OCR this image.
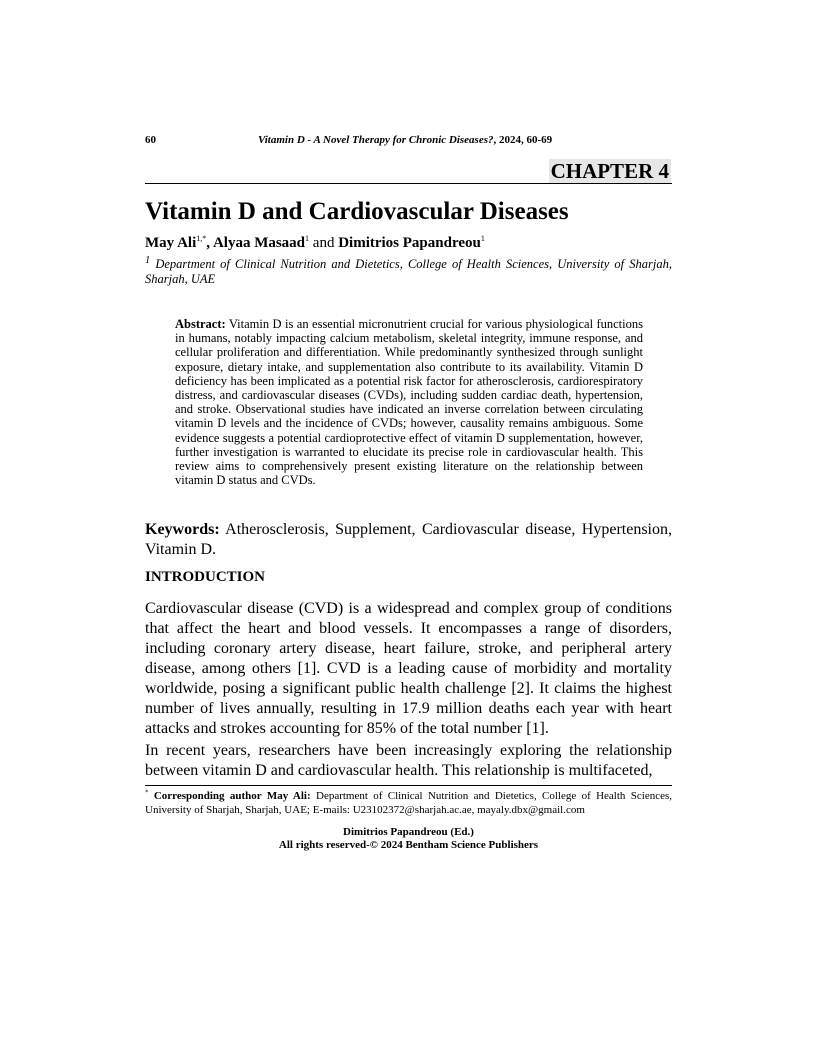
60	Vitamin D - A Novel Therapy for Chronic Diseases?, 2024, 60-69
CHAPTER 4
Vitamin D and Cardiovascular Diseases
May Ali$^{1,*}$, Alyaa Masaad$^1$ and Dimitrios Papandreou$^1$
$^1$ Department of Clinical Nutrition and Dietetics, College of Health Sciences, University of Sharjah, Sharjah, UAE
Abstract: Vitamin D is an essential micronutrient crucial for various physiological functions in humans, notably impacting calcium metabolism, skeletal integrity, immune response, and cellular proliferation and differentiation. While predominantly synthesized through sunlight exposure, dietary intake, and supplementation also contribute to its availability. Vitamin D deficiency has been implicated as a potential risk factor for atherosclerosis, cardiorespiratory distress, and cardiovascular diseases (CVDs), including sudden cardiac death, hypertension, and stroke. Observational studies have indicated an inverse correlation between circulating vitamin D levels and the incidence of CVDs; however, causality remains ambiguous. Some evidence suggests a potential cardioprotective effect of vitamin D supplementation, however, further investigation is warranted to elucidate its precise role in cardiovascular health. This review aims to comprehensively present existing literature on the relationship between vitamin D status and CVDs.
Keywords: Atherosclerosis, Supplement, Cardiovascular disease, Hypertension, Vitamin D.
INTRODUCTION

Cardiovascular disease (CVD) is a widespread and complex group of conditions that affect the heart and blood vessels. It encompasses a range of disorders, including coronary artery disease, heart failure, stroke, and peripheral artery disease, among others [1]. CVD is a leading cause of morbidity and mortality worldwide, posing a significant public health challenge [2]. It claims the highest number of lives annually, resulting in 17.9 million deaths each year with heart attacks and strokes accounting for 85% of the total number [1].

In recent years, researchers have been increasingly exploring the relationship between vitamin D and cardiovascular health. This relationship is multifaceted,

* Corresponding author May Ali: Department of Clinical Nutrition and Dietetics, College of Health Sciences, University of Sharjah, Sharjah, UAE; E-mails: U23102372@sharjah.ac.ae, mayaly.dbx@gmail.com
Dimitrios Papandreou (Ed.)
All rights reserved-© 2024 Bentham Science Publishers
